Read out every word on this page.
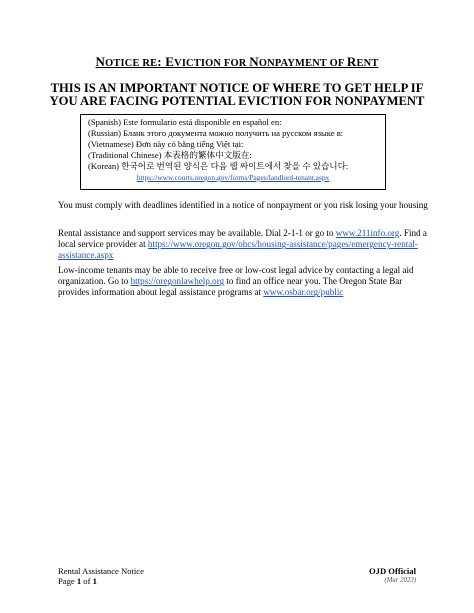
NOTICE RE: EVICTION FOR NONPAYMENT OF RENT
THIS IS AN IMPORTANT NOTICE OF WHERE TO GET HELP IF YOU ARE FACING POTENTIAL EVICTION FOR NONPAYMENT
(Spanish) Este formulario está disponible en español en:
(Russian) Бланк этого документа можно получить на русском языке в:
(Vietnamese) Đơn này có bằng tiếng Việt tại:
(Traditional Chinese) 本表格的繁体中文版在:
(Korean) 한국어로 번역된 양식은 다음 웹 싸이트에서 찾을 수 있습니다:
https://www.courts.oregon.gov/forms/Pages/landlord-tenant.aspx
You must comply with deadlines identified in a notice of nonpayment or you risk losing your housing
Rental assistance and support services may be available. Dial 2-1-1 or go to www.211info.org. Find a local service provider at https://www.oregon.gov/ohcs/housing-assistance/pages/emergency-rental-assistance.aspx
Low-income tenants may be able to receive free or low-cost legal advice by contacting a legal aid organization. Go to https://oregonlawhelp.org to find an office near you. The Oregon State Bar provides information about legal assistance programs at www.osbar.org/public
Rental Assistance Notice
Page 1 of 1
OJD Official
(Mar 2023)
